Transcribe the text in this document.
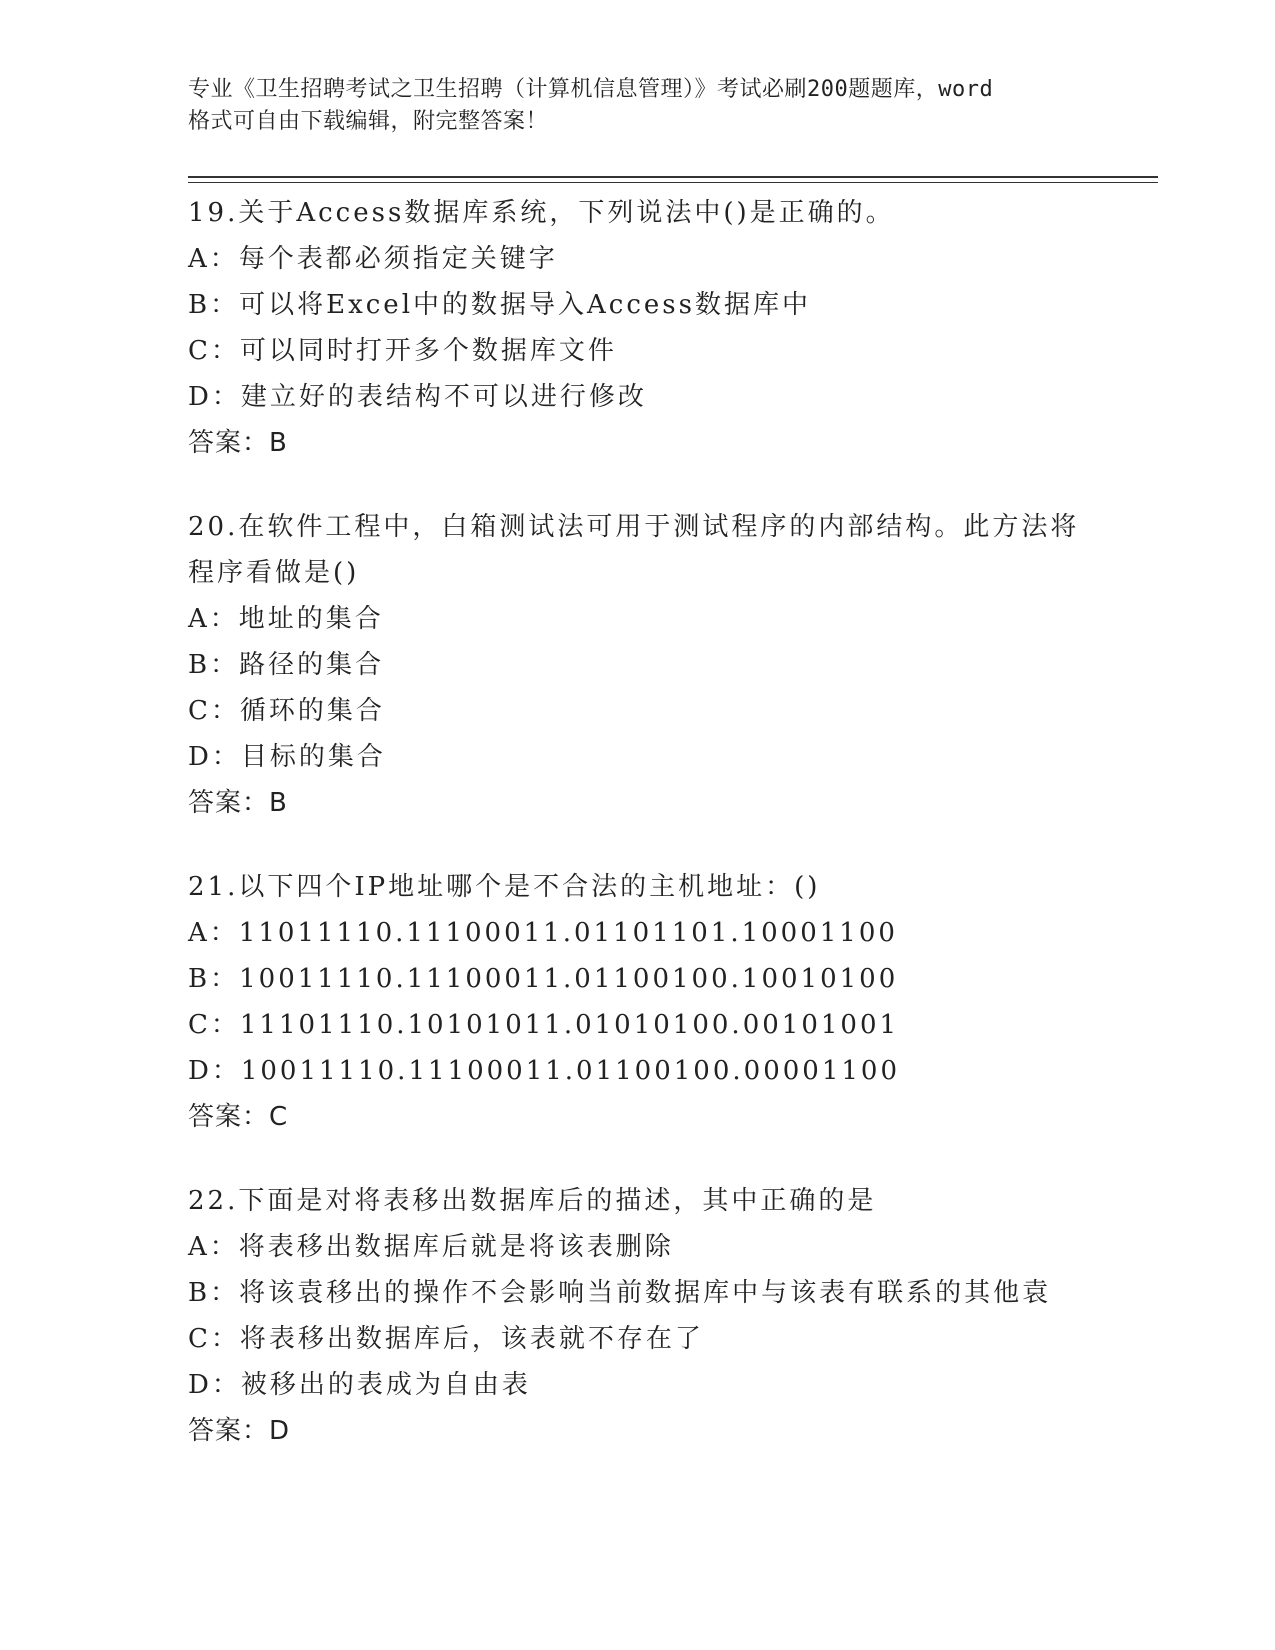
专业《卫生招聘考试之卫生招聘（计算机信息管理）》考试必刷200题题库，word
格式可自由下载编辑，附完整答案！
19.关于Access数据库系统，下列说法中()是正确的。
A：每个表都必须指定关键字
B：可以将Excel中的数据导入Access数据库中
C：可以同时打开多个数据库文件
D：建立好的表结构不可以进行修改
答案：B
20.在软件工程中，白箱测试法可用于测试程序的内部结构。此方法将
程序看做是()
A：地址的集合
B：路径的集合
C：循环的集合
D：目标的集合
答案：B
21.以下四个IP地址哪个是不合法的主机地址：()
A：11011110.11100011.01101101.10001100
B：10011110.11100011.01100100.10010100
C：11101110.10101011.01010100.00101001
D：10011110.11100011.01100100.00001100
答案：C
22.下面是对将表移出数据库后的描述，其中正确的是
A：将表移出数据库后就是将该表删除
B：将该袁移出的操作不会影响当前数据库中与该表有联系的其他袁
C：将表移出数据库后，该表就不存在了
D：被移出的表成为自由表
答案：D
